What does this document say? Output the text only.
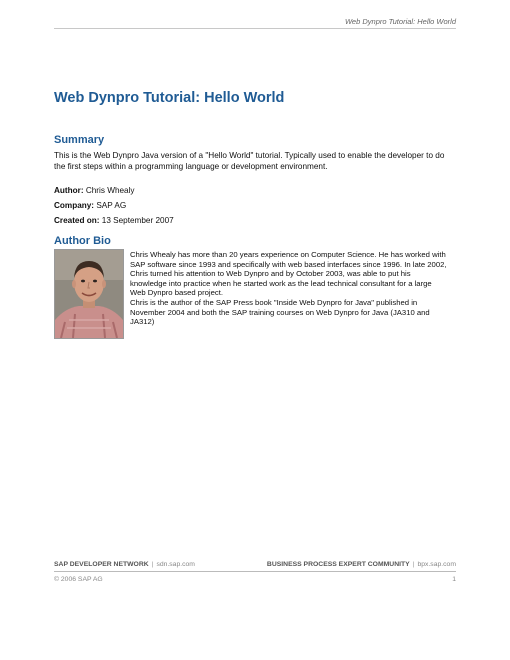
Web Dynpro Tutorial: Hello World
Web Dynpro Tutorial: Hello World
Summary

This is the Web Dynpro Java version of a "Hello World" tutorial. Typically used to enable the developer to do the first steps within a programming language or development environment.

Author: Chris Whealy

Company: SAP AG

Created on: 13 September 2007

Author Bio

Chris Whealy has more than 20 years experience on Computer Science. He has worked with SAP software since 1993 and specifically with web based interfaces since 1996. In late 2002, Chris turned his attention to Web Dynpro and by October 2003, was able to put his knowledge into practice when he started work as the lead technical consultant for a large Web Dynpro based project.

Chris is the author of the SAP Press book "Inside Web Dynpro for Java" published in November 2004 and both the SAP training courses on Web Dynpro for Java (JA310 and JA312)

SAP DEVELOPER NETWORK | sdn.sap.com	BUSINESS PROCESS EXPERT COMMUNITY | bpx.sap.com
© 2006 SAP AG	1
